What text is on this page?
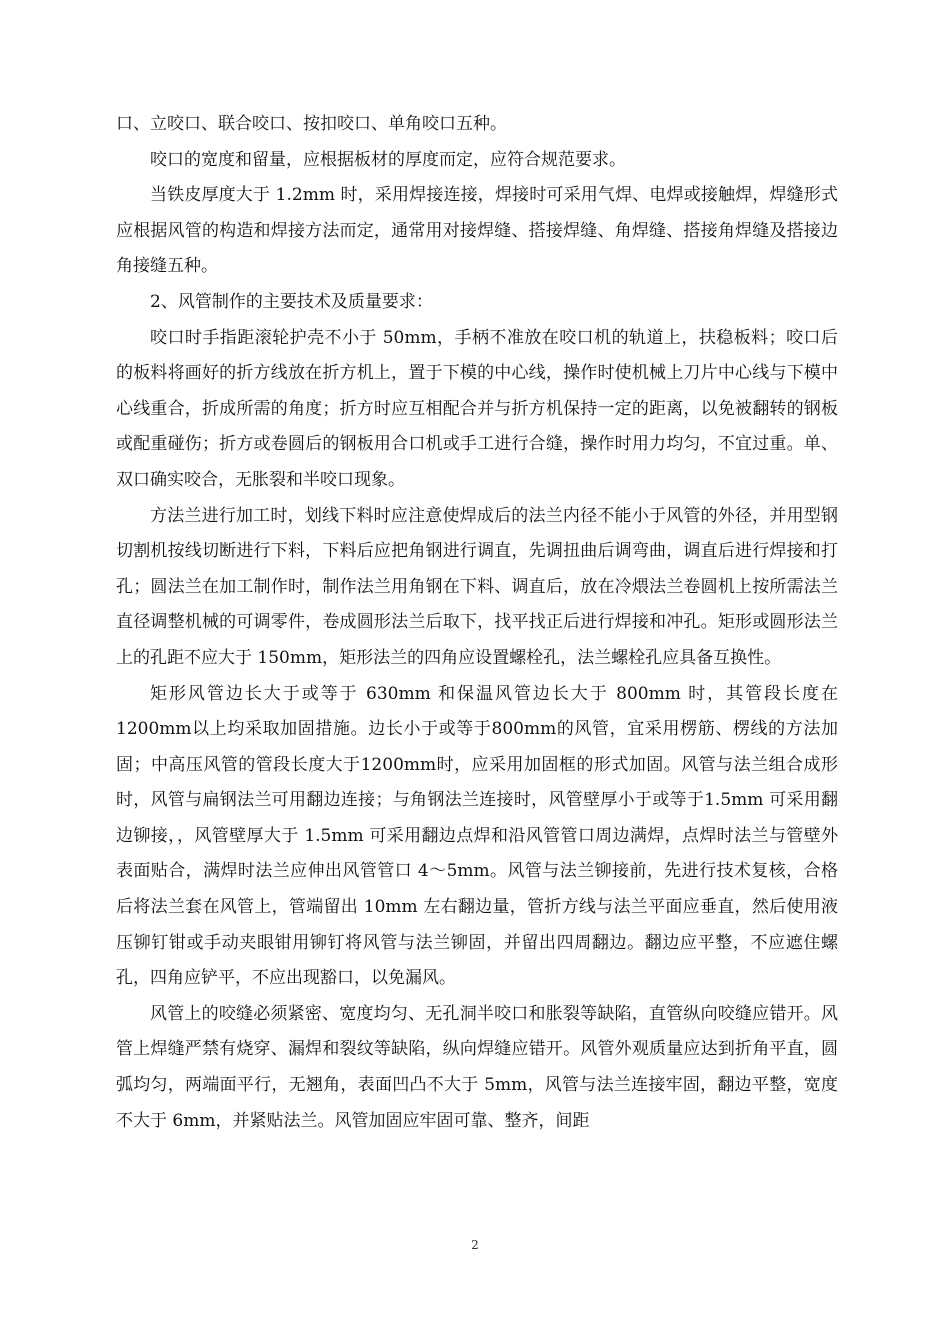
口、立咬口、联合咬口、按扣咬口、单角咬口五种。

咬口的宽度和留量，应根据板材的厚度而定，应符合规范要求。

当铁皮厚度大于 1.2mm 时，采用焊接连接，焊接时可采用气焊、电焊或接触焊，焊缝形式应根据风管的构造和焊接方法而定，通常用对接焊缝、搭接焊缝、角焊缝、搭接角焊缝及搭接边角接缝五种。

2、风管制作的主要技术及质量要求：

咬口时手指距滚轮护壳不小于 50mm，手柄不准放在咬口机的轨道上，扶稳板料；咬口后的板料将画好的折方线放在折方机上，置于下模的中心线，操作时使机械上刀片中心线与下模中心线重合，折成所需的角度；折方时应互相配合并与折方机保持一定的距离，以免被翻转的钢板或配重碰伤；折方或卷圆后的钢板用合口机或手工进行合缝，操作时用力均匀，不宜过重。单、双口确实咬合，无胀裂和半咬口现象。

方法兰进行加工时，划线下料时应注意使焊成后的法兰内径不能小于风管的外径，并用型钢切割机按线切断进行下料，下料后应把角钢进行调直，先调扭曲后调弯曲，调直后进行焊接和打孔；圆法兰在加工制作时，制作法兰用角钢在下料、调直后，放在冷煨法兰卷圆机上按所需法兰直径调整机械的可调零件，卷成圆形法兰后取下，找平找正后进行焊接和冲孔。矩形或圆形法兰上的孔距不应大于 150mm，矩形法兰的四角应设置螺栓孔，法兰螺栓孔应具备互换性。

矩形风管边长大于或等于 630mm 和保温风管边长大于 800mm 时，其管段长度在1200mm以上均采取加固措施。边长小于或等于800mm的风管，宜采用楞筋、楞线的方法加固；中高压风管的管段长度大于1200mm时，应采用加固框的形式加固。风管与法兰组合成形时，风管与扁钢法兰可用翻边连接；与角钢法兰连接时，风管壁厚小于或等于1.5mm 可采用翻边铆接，，风管壁厚大于 1.5mm 可采用翻边点焊和沿风管管口周边满焊，点焊时法兰与管壁外表面贴合，满焊时法兰应伸出风管管口 4～5mm。风管与法兰铆接前，先进行技术复核，合格后将法兰套在风管上，管端留出 10mm 左右翻边量，管折方线与法兰平面应垂直，然后使用液压铆钉钳或手动夹眼钳用铆钉将风管与法兰铆固，并留出四周翻边。翻边应平整，不应遮住螺孔，四角应铲平，不应出现豁口，以免漏风。

风管上的咬缝必须紧密、宽度均匀、无孔洞半咬口和胀裂等缺陷，直管纵向咬缝应错开。风管上焊缝严禁有烧穿、漏焊和裂纹等缺陷，纵向焊缝应错开。风管外观质量应达到折角平直，圆弧均匀，两端面平行，无翘角，表面凹凸不大于 5mm，风管与法兰连接牢固，翻边平整，宽度不大于 6mm，并紧贴法兰。风管加固应牢固可靠、整齐，间距

2
